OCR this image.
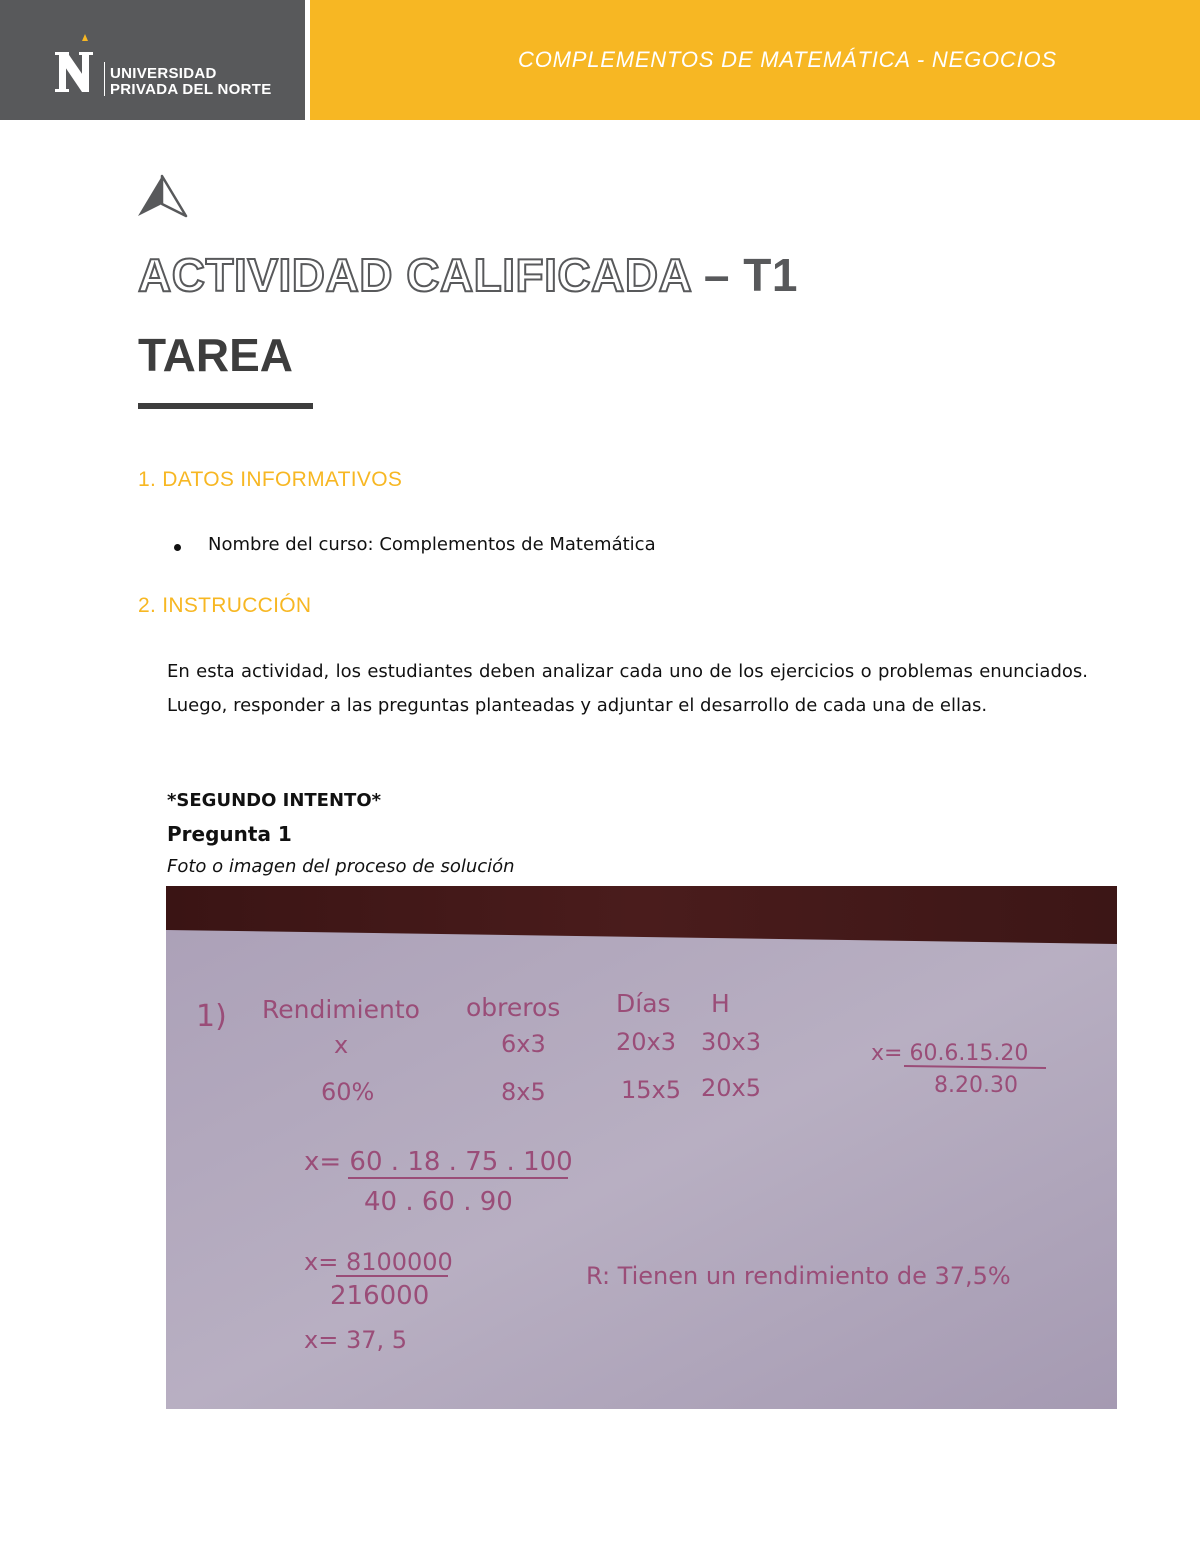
UNIVERSIDAD
PRIVADA DEL NORTE
COMPLEMENTOS DE MATEMÁTICA - NEGOCIOS
ACTIVIDAD CALIFICADA – T1
TAREA
1. DATOS INFORMATIVOS
Nombre del curso: Complementos de Matemática
2. INSTRUCCIÓN
En esta actividad, los estudiantes deben analizar cada uno de los ejercicios o problemas enunciados. Luego, responder a las preguntas planteadas y adjuntar el desarrollo de cada una de ellas.
*SEGUNDO INTENTO*
Pregunta 1
Foto o imagen del proceso de solución
1) Rendimiento obreros Días H
x	6x3	20x3 30x3
60%	8x5	15x5 20x5
x= 60.6.15.20
8.20.30
x= 60 . 18 . 75 . 100
40 . 60 . 90
x= 8100000
216000
x= 37, 5
R: Tienen un rendimiento de 37,5%
